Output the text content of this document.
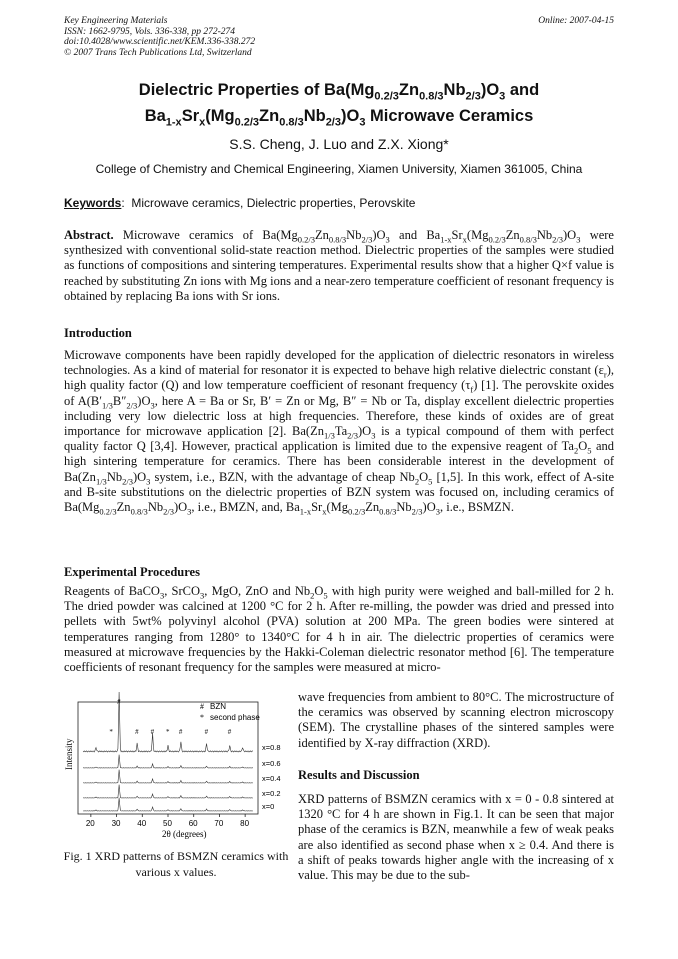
Key Engineering Materials
ISSN: 1662-9795, Vols. 336-338, pp 272-274
doi:10.4028/www.scientific.net/KEM.336-338.272
© 2007 Trans Tech Publications Ltd, Switzerland
Online: 2007-04-15
Dielectric Properties of $Ba(Mg_{0.2/3}Zn_{0.8/3}Nb_{2/3})O_3$ and
$Ba_{1-x}Sr_x(Mg_{0.2/3}Zn_{0.8/3}Nb_{2/3})O_3$ Microwave Ceramics
S.S. Cheng, J. Luo and Z.X. Xiong*
College of Chemistry and Chemical Engineering, Xiamen University, Xiamen 361005, China
Keywords: Microwave ceramics, Dielectric properties, Perovskite
Abstract. Microwave ceramics of $Ba(Mg_{0.2/3}Zn_{0.8/3}Nb_{2/3})O_3$ and $Ba_{1-x}Sr_x(Mg_{0.2/3}Zn_{0.8/3}Nb_{2/3})O_3$ were synthesized with conventional solid-state reaction method. Dielectric properties of the samples were studied as functions of compositions and sintering temperatures. Experimental results show that a higher Q×f value is reached by substituting Zn ions with Mg ions and a near-zero temperature coefficient of resonant frequency is obtained by replacing Ba ions with Sr ions.
Introduction
Microwave components have been rapidly developed for the application of dielectric resonators in wireless technologies. As a kind of material for resonator it is expected to behave high relative dielectric constant $(\varepsilon_r)$, high quality factor (Q) and low temperature coefficient of resonant frequency $(\tau_f)$ [1]. The perovskite oxides of $A(B'_{1/3}B''_{2/3})O_3$, here A = Ba or Sr, B′ = Zn or Mg, B″ = Nb or Ta, display excellent dielectric properties including very low dielectric loss at high frequencies. Therefore, these kinds of oxides are of great importance for microwave application [2]. $Ba(Zn_{1/3}Ta_{2/3})O_3$ is a typical compound of them with perfect quality factor Q [3,4]. However, practical application is limited due to the expensive reagent of $Ta_2O_5$ and high sintering temperature for ceramics. There has been considerable interest in the development of $Ba(Zn_{1/3}Nb_{2/3})O_3$ system, i.e., BZN, with the advantage of cheap $Nb_2O_5$ [1,5]. In this work, effect of A-site and B-site substitutions on the dielectric properties of BZN system was focused on, including ceramics of $Ba(Mg_{0.2/3}Zn_{0.8/3}Nb_{2/3})O_3$, i.e., BMZN, and, $Ba_{1-x}Sr_x(Mg_{0.2/3}Zn_{0.8/3}Nb_{2/3})O_3$, i.e., BSMZN.
Experimental Procedures
Reagents of BaCO$_3$, SrCO$_3$, MgO, ZnO and $Nb_2O_5$ with high purity were weighed and ball-milled for 2 h. The dried powder was calcined at 1200 °C for 2 h. After re-milling, the powder was dried and pressed into pellets with 5wt% polyvinyl alcohol (PVA) solution at 200 MPa. The green bodies were sintered at temperatures ranging from 1280° to 1340°C for 4 h in air. The dielectric properties of ceramics were measured at microwave frequencies by the Hakki-Coleman dielectric resonator method [6]. The temperature coefficients of resonant frequency for the samples were measured at micro-
wave frequencies from ambient to 80°C. The microstructure of the ceramics was observed by scanning electron microscopy (SEM). The crystalline phases of the sintered samples were identified by X-ray diffraction (XRD).
Results and Discussion
XRD patterns of BSMZN ceramics with x = 0 - 0.8 sintered at 1320 °C for 4 h are shown in Fig.1. It can be seen that major phase of the ceramics is BZN, meanwhile a few of weak peaks are also identified as second phase when x ≥ 0.4. And there is a shift of peaks towards higher angle with the increasing of x value. This may be due to the sub-
x=0.8
x=0.6
x=0.4
x=0.2
x=0
#
# #	#	#	#
*	*
20 30 40 50 60 70 80
Intensity
2θ (degrees)
# BZN
* second phase
Fig. 1 XRD patterns of BSMZN ceramics with various x values.
